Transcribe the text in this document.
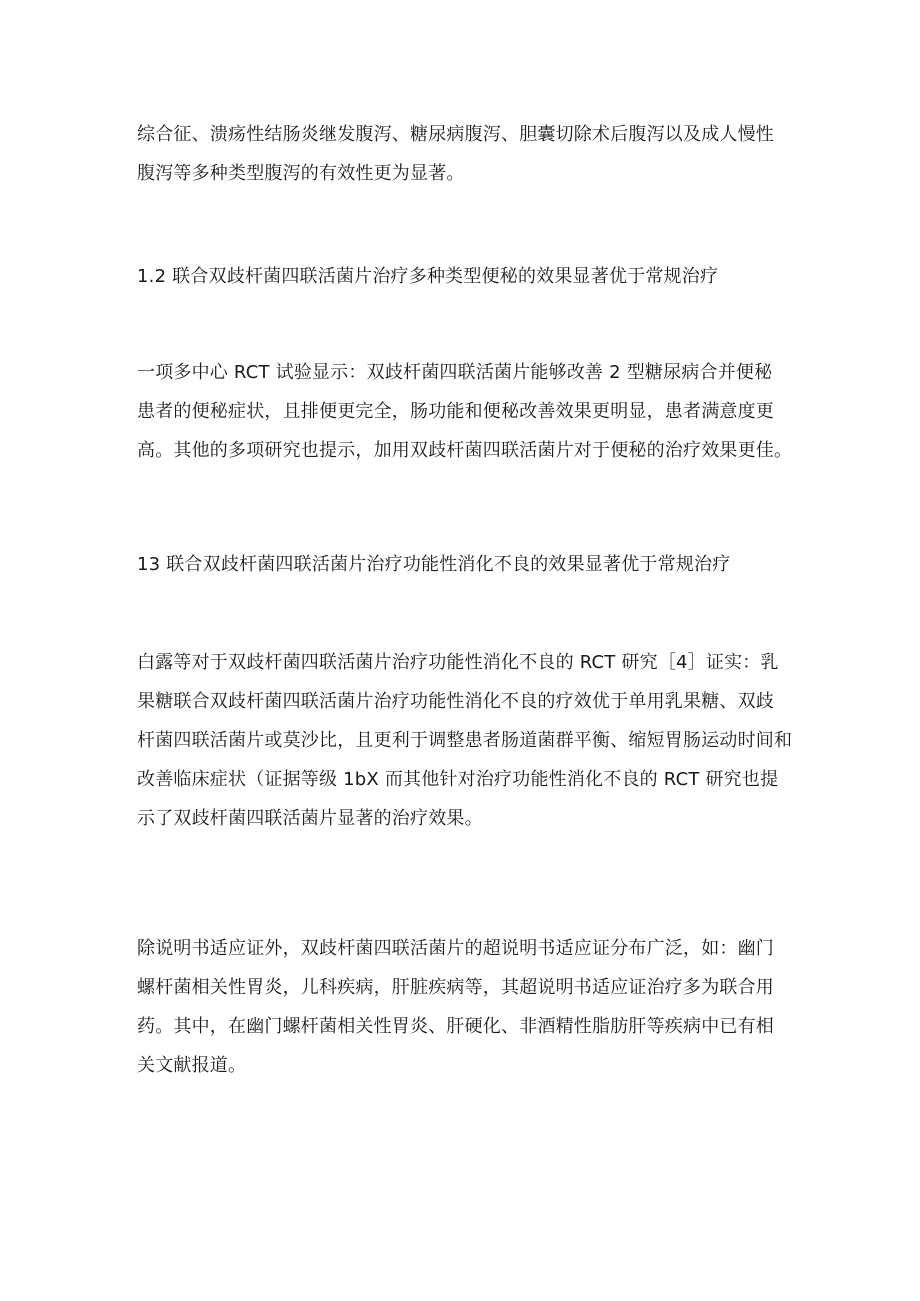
综合征、溃疡性结肠炎继发腹泻、糖尿病腹泻、胆囊切除术后腹泻以及成人慢性
腹泻等多种类型腹泻的有效性更为显著。

1.2 联合双歧杆菌四联活菌片治疗多种类型便秘的效果显著优于常规治疗

一项多中心 RCT 试验显示：双歧杆菌四联活菌片能够改善 2 型糖尿病合并便秘
患者的便秘症状，且排便更完全，肠功能和便秘改善效果更明显，患者满意度更
高。其他的多项研究也提示，加用双歧杆菌四联活菌片对于便秘的治疗效果更佳。

13 联合双歧杆菌四联活菌片治疗功能性消化不良的效果显著优于常规治疗

白露等对于双歧杆菌四联活菌片治疗功能性消化不良的 RCT 研究［4］证实：乳
果糖联合双歧杆菌四联活菌片治疗功能性消化不良的疗效优于单用乳果糖、双歧
杆菌四联活菌片或莫沙比，且更利于调整患者肠道菌群平衡、缩短胃肠运动时间和
改善临床症状（证据等级 1bX 而其他针对治疗功能性消化不良的 RCT 研究也提
示了双歧杆菌四联活菌片显著的治疗效果。

除说明书适应证外，双歧杆菌四联活菌片的超说明书适应证分布广泛，如：幽门
螺杆菌相关性胃炎，儿科疾病，肝脏疾病等，其超说明书适应证治疗多为联合用
药。其中，在幽门螺杆菌相关性胃炎、肝硬化、非酒精性脂肪肝等疾病中已有相
关文献报道。
